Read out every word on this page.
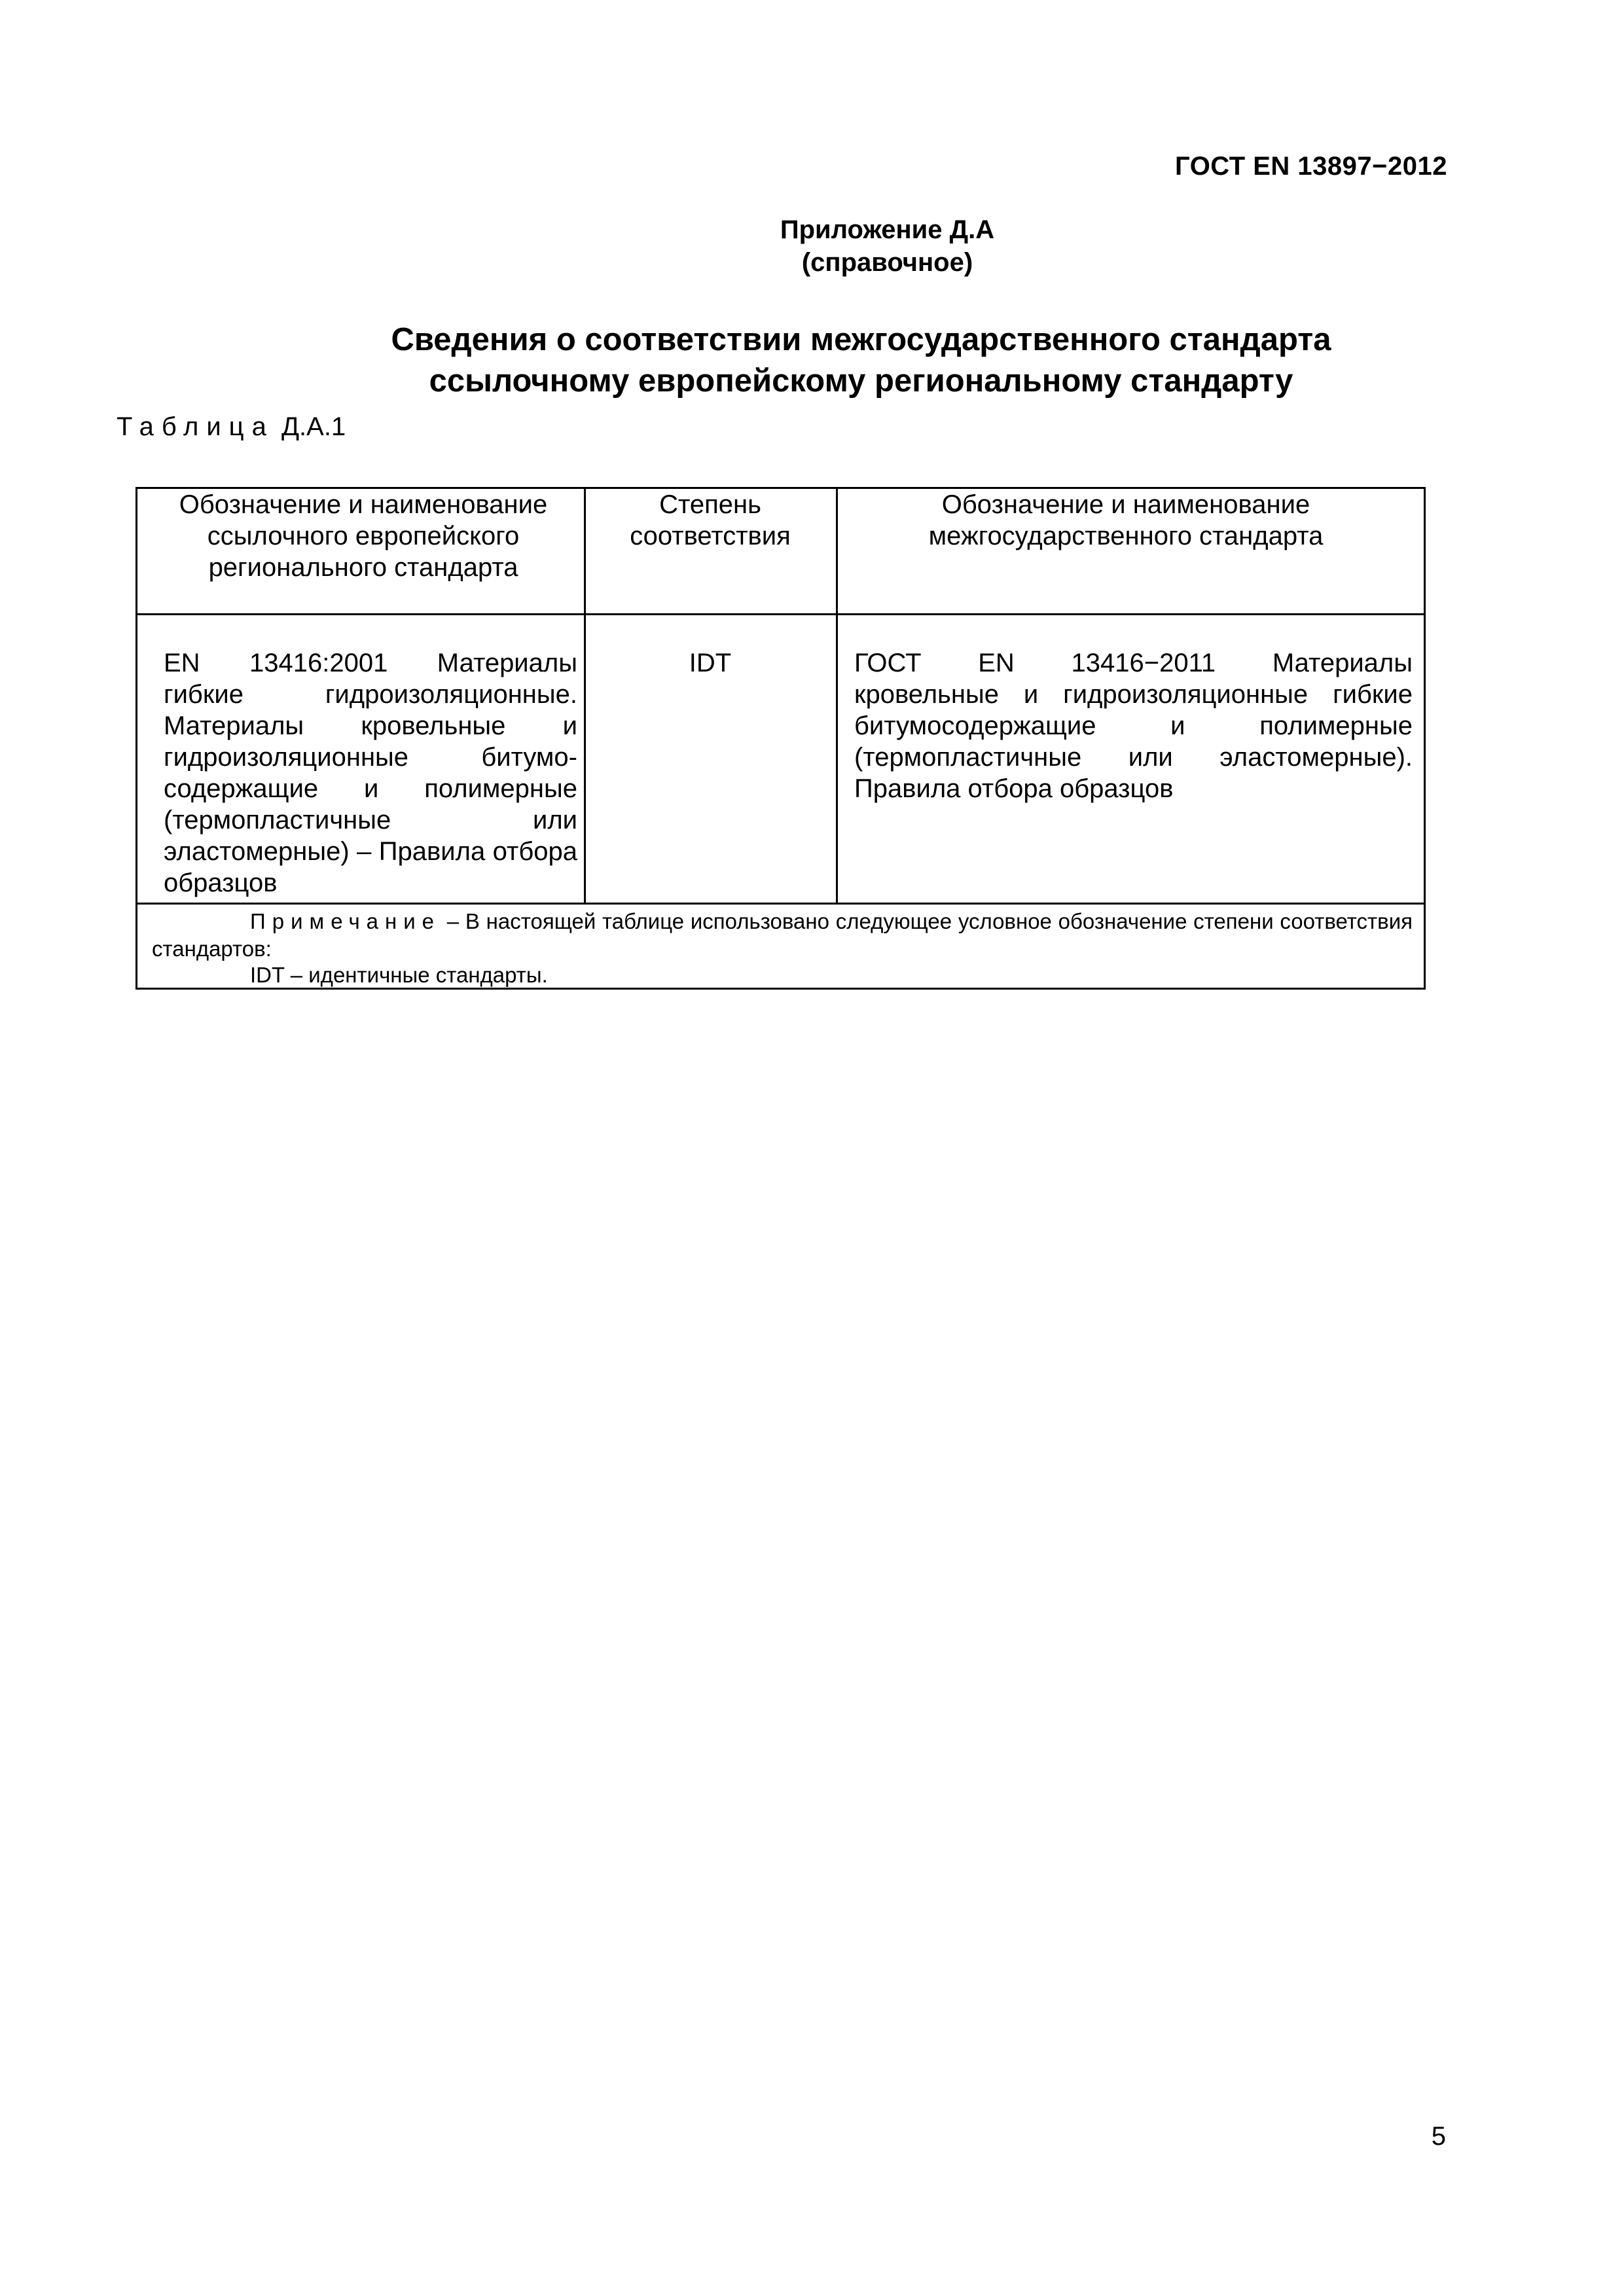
ГОСТ EN 13897−2012
Приложение Д.А
(справочное)
Сведения о соответствии межгосударственного стандарта
ссылочному европейскому региональному стандарту
Таблица Д.А.1
Обозначение и наименование ссылочного европейского регионального стандарта
Степень соответствия
Обозначение и наименование межгосударственного стандарта
EN 13416:2001 Материалы гибкие гидроизоляционные. Материалы кровельные и гидроизоляционные битумо-содержащие и полимерные (термопластичные или эластомерные) – Правила отбора образцов
IDT	ГОСТ EN 13416−2011 Материалы кровельные и гидроизоляционные гибкие битумосодержащие и полимерные (термопластичные или эластомерные). Правила отбора образцов
Примечание – В настоящей таблице использовано следующее условное обозначение степени соответствия стандартов:
IDT – идентичные стандарты.
5
